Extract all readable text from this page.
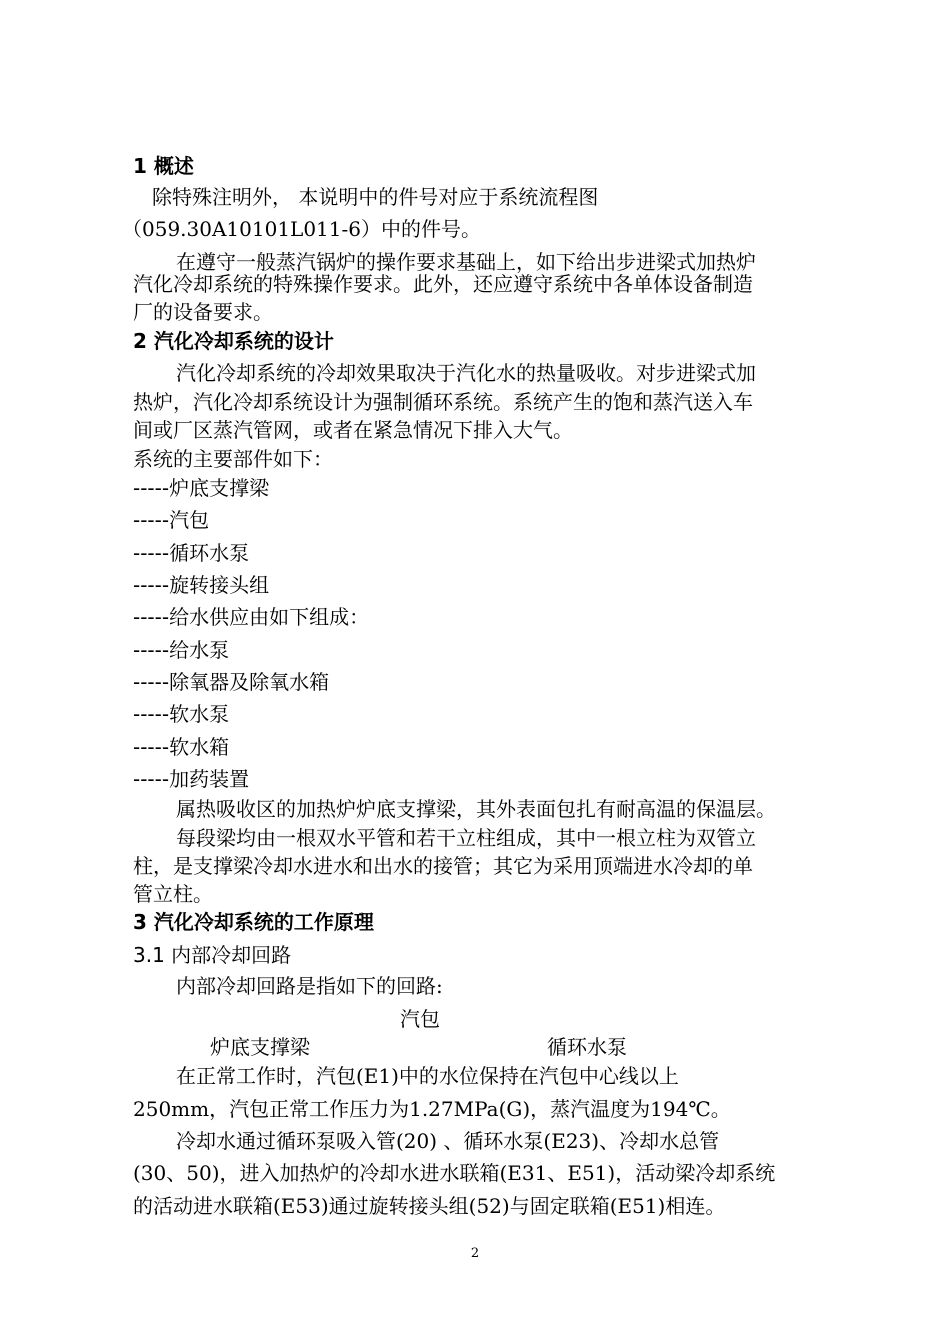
1 概述
除特殊注明外， 本说明中的件号对应于系统流程图
（059.30A10101L011-6）中的件号。
在遵守一般蒸汽锅炉的操作要求基础上，如下给出步进梁式加热炉
汽化冷却系统的特殊操作要求。此外，还应遵守系统中各单体设备制造
厂的设备要求。
2 汽化冷却系统的设计
汽化冷却系统的冷却效果取决于汽化水的热量吸收。对步进梁式加
热炉，汽化冷却系统设计为强制循环系统。系统产生的饱和蒸汽送入车
间或厂区蒸汽管网，或者在紧急情况下排入大气。
系统的主要部件如下：
-----炉底支撑梁
-----汽包
-----循环水泵
-----旋转接头组
-----给水供应由如下组成：
-----给水泵
-----除氧器及除氧水箱
-----软水泵
-----软水箱
-----加药装置
属热吸收区的加热炉炉底支撑梁，其外表面包扎有耐高温的保温层。
每段梁均由一根双水平管和若干立柱组成，其中一根立柱为双管立
柱，是支撑梁冷却水进水和出水的接管；其它为采用顶端进水冷却的单
管立柱。
3 汽化冷却系统的工作原理
3.1 内部冷却回路
内部冷却回路是指如下的回路:
汽包
炉底支撑梁	循环水泵
在正常工作时，汽包(E1)中的水位保持在汽包中心线以上
250mm，汽包正常工作压力为1.27MPa(G)，蒸汽温度为194℃。
冷却水通过循环泵吸入管(20) 、循环水泵(E23)、冷却水总管
(30、50)，进入加热炉的冷却水进水联箱(E31、E51)，活动梁冷却系统
的活动进水联箱(E53)通过旋转接头组(52)与固定联箱(E51)相连。
2
